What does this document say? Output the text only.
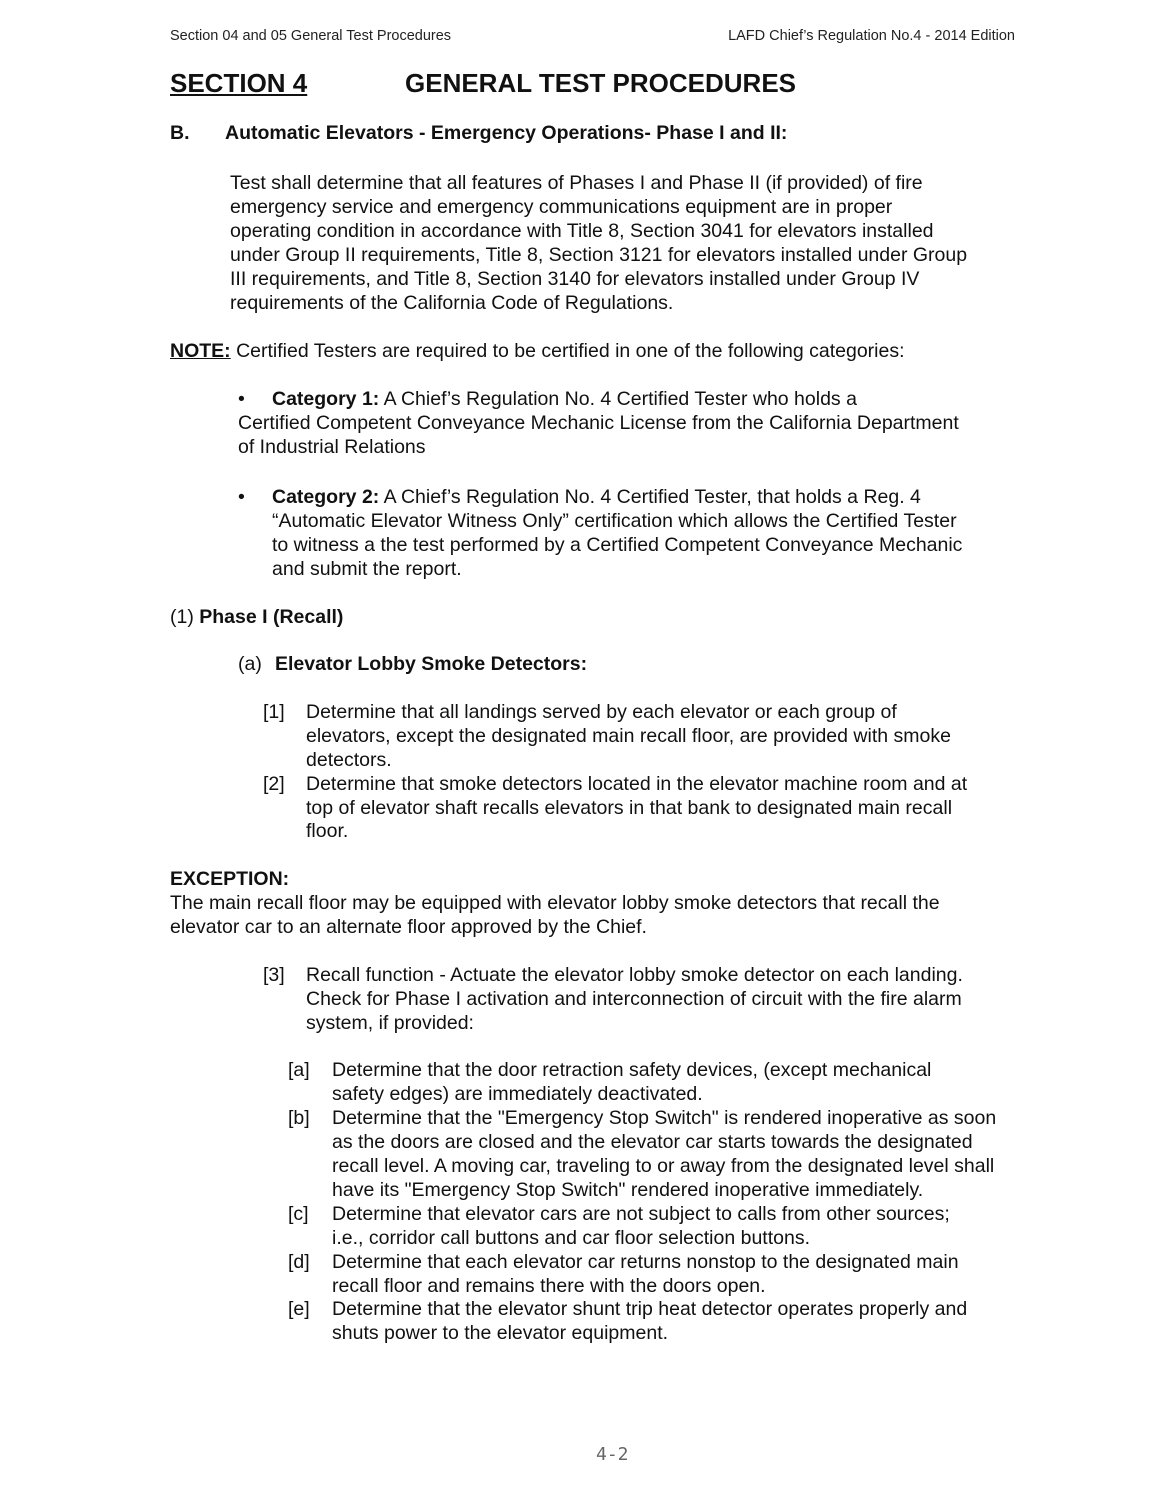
Section 04 and 05 General Test Procedures	LAFD Chief’s Regulation No.4 - 2014 Edition
SECTION 4	GENERAL TEST PROCEDURES
B. Automatic Elevators - Emergency Operations- Phase I and II:
Test shall determine that all features of Phases I and Phase II (if provided) of fire
emergency service and emergency communications equipment are in proper
operating condition in accordance with Title 8, Section 3041 for elevators installed
under Group II requirements, Title 8, Section 3121 for elevators installed under Group
III requirements, and Title 8, Section 3140 for elevators installed under Group IV
requirements of the California Code of Regulations.
NOTE: Certified Testers are required to be certified in one of the following categories:
• Category 1: A Chief’s Regulation No. 4 Certified Tester who holds a
Certified Competent Conveyance Mechanic License from the California Department
of Industrial Relations
• Category 2: A Chief’s Regulation No. 4 Certified Tester, that holds a Reg. 4
“Automatic Elevator Witness Only” certification which allows the Certified Tester
to witness a the test performed by a Certified Competent Conveyance Mechanic
and submit the report.
(1) Phase I (Recall)
(a) Elevator Lobby Smoke Detectors:
[1] Determine that all landings served by each elevator or each group of
elevators, except the designated main recall floor, are provided with smoke
detectors.
[2] Determine that smoke detectors located in the elevator machine room and at
top of elevator shaft recalls elevators in that bank to designated main recall
floor.
EXCEPTION:
The main recall floor may be equipped with elevator lobby smoke detectors that recall the
elevator car to an alternate floor approved by the Chief.
[3] Recall function - Actuate the elevator lobby smoke detector on each landing.
Check for Phase I activation and interconnection of circuit with the fire alarm
system, if provided:
[a] Determine that the door retraction safety devices, (except mechanical
safety edges) are immediately deactivated.
[b] Determine that the "Emergency Stop Switch" is rendered inoperative as soon
as the doors are closed and the elevator car starts towards the designated
recall level. A moving car, traveling to or away from the designated level shall
have its "Emergency Stop Switch" rendered inoperative immediately.
[c] Determine that elevator cars are not subject to calls from other sources;
i.e., corridor call buttons and car floor selection buttons.
[d] Determine that each elevator car returns nonstop to the designated main
recall floor and remains there with the doors open.
[e] Determine that the elevator shunt trip heat detector operates properly and
shuts power to the elevator equipment.
4-2
